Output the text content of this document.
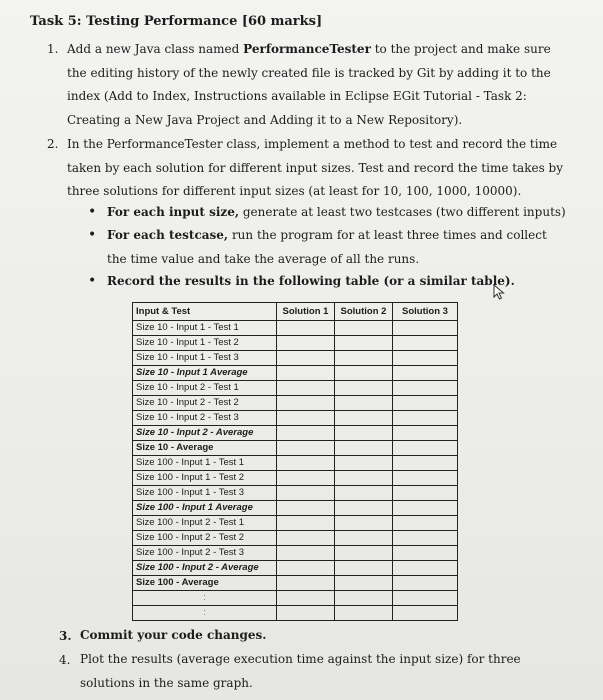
Task 5: Testing Performance [60 marks]
1. Add a new Java class named PerformanceTester to the project and make sure the editing history of the newly created file is tracked by Git by adding it to the index (Add to Index, Instructions available in Eclipse EGit Tutorial - Task 2: Creating a New Java Project and Adding it to a New Repository).
2. In the PerformanceTester class, implement a method to test and record the time taken by each solution for different input sizes. Test and record the time takes by three solutions for different input sizes (at least for 10, 100, 1000, 10000).
• For each input size, generate at least two testcases (two different inputs)
• For each testcase, run the program for at least three times and collect the time value and take the average of all the runs.
• Record the results in the following table (or a similar table).
Input & Test	Solution 1	Solution 2	Solution 3
Size 10 - Input 1 - Test 1			
Size 10 - Input 1 - Test 2			
Size 10 - Input 1 - Test 3			
Size 10 - Input 1 Average			
Size 10 - Input 2 - Test 1			
Size 10 - Input 2 - Test 2			
Size 10 - Input 2 - Test 3			
Size 10 - Input 2 - Average			
Size 10 - Average			
Size 100 - Input 1 - Test 1			
Size 100 - Input 1 - Test 2			
Size 100 - Input 1 - Test 3			
Size 100 - Input 1 Average			
Size 100 - Input 2 - Test 1			
Size 100 - Input 2 - Test 2			
Size 100 - Input 2 - Test 3			
Size 100 - Input 2 - Average			
Size 100 - Average			
:			
:			
3. Commit your code changes.
4. Plot the results (average execution time against the input size) for three solutions in the same graph.
